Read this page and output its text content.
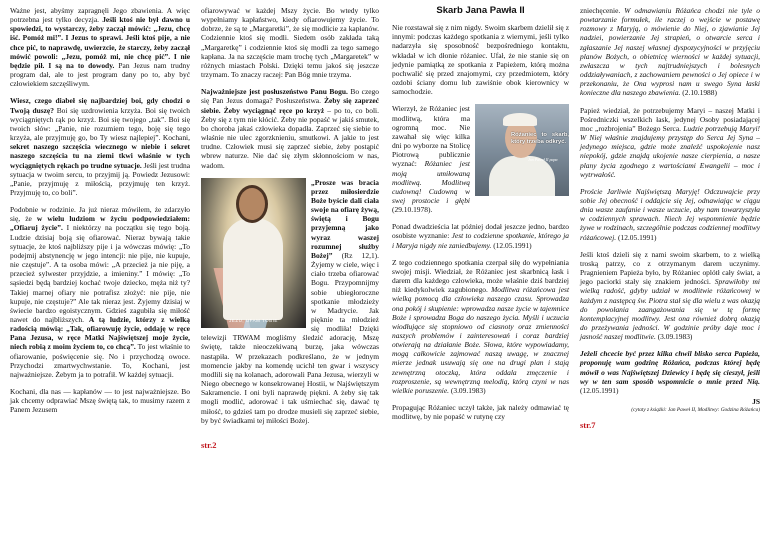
Ważne jest, abyśmy zapragnęli Jego zbawienia. A więc potrzebna jest tylko decyzja. Jeśli ktoś nie był dawno u spowiedzi, to wystarczy, żeby zaczął mówić: „Jezu, chcę iść. Pomóż mi!”. I Jezus to sprawi. Jeśli ktoś pije, a nie chce pić, to naprawdę, uwierzcie, że starczy, żeby zaczął mówić powoli: „Jezu, pomóż mi, nie chcę pić”. I nie będzie pił. I są na to dowody. Pan Jezus nam trudny program dał, ale to jest program dany po to, aby być człowiekiem szczęśliwym.

Wiesz, czego diabeł się najbardziej boi, gdy chodzi o Twoją duszę? Boi się uzdrowienia krzyża. Boi się twoich wyciągniętych rąk po krzyż. Boi się twojego „tak”. Boi się twoich słów: „Panie, nie rozumiem tego, boję się tego krzyża, ale przyjmuję go, bo Ty wiesz najlepiej”. Kochani, sekret naszego szczęścia wiecznego w niebie i sekret naszego szczęścia tu na ziemi tkwi właśnie w tych wyciągniętych rękach po trudne sytuacje. Jeśli jest trudna sytuacja w twoim sercu, to przyjmij ją. Powiedz Jezusowi: „Panie, przyjmuję z miłością, przyjmuję ten krzyż. Przyjmuję to, co boli”.

Podobnie w rodzinie. Ja już nieraz mówiłem, że zdarzyło się, że w wielu ludziom w życiu podpowiedziałem: „Ofiaruj życie”. I niektórzy na początku się tego boją. Ludzie dzisiaj boją się ofiarować. Nieraz bywają takie sytuacje, że ktoś najbliższy pije i ja wówczas mówię: „To podejmij abstynencję w jego intencji: nie pije, nie kupuje, nie częstuje”. A ta osoba mówi: „A przecież ja nie piję, a przecież sylwester przyjdzie, a imieniny.” I mówię: „To sąsiedzi będą bardziej kochać twoje dziecko, męża niż ty? Takiej marnej ofiary nie potrafisz złożyć: nie pije, nie kupuje, nie częstuje?” Ale tak nieraz jest. Żyjemy dzisiaj w świecie bardzo egoistycznym. Gdzieś zagubiła się miłość nawet do najbliższych. A tą ludzie, którzy z wielką radością mówią: „Tak, ofiarowuję życie, oddaję w ręce Pana Jezusa, w ręce Matki Najświętszej moje życie, niech robią z moim życiem to, co chcą”. To jest właśnie to ofiarowanie, poświęcenie się. No i przychodzą owoce. Przychodzi zmartwychwstanie. To, Kochani, jest najważniejsze. Żebym ja to potrafił. W każdej sytuacji.

Kochani, dla nas — kapłanów — to jest najważniejsze. Bo jak chcemy odprawiać Mszę świętą tak, to musimy razem z Panem Jezusem

ofiarowywać w każdej Mszy życie. Bo wtedy tylko wypełniamy kapłaństwo, kiedy ofiarowujemy życie. To dobrze, że są te „Margaretki”, że się modlicie za kapłanów. Codziennie ktoś się modli. Siedem osób zakłada taką „Margaretkę” i codziennie ktoś się modli za tego samego kapłana. Ja na szczęście mam trochę tych „Margaretek” w różnych miastach Polski. Dzięki temu jakoś się jeszcze trzymam. To znaczy raczej: Pan Bóg mnie trzyma.

Najważniejsze jest posłuszeństwo Panu Bogu. Bo czego się Pan Jezus domaga? Posłuszeństwa. Żeby się zaprzeć siebie. Żeby wyciągnąć ręce po krzyż – po to, co boli. Żeby się z tym nie kłócić. Żeby nie popaść w jakiś smutek, bo choroba jakaś człowieka dopadła. Zaprzeć się siebie to właśnie nie ulec zgorzknieniu, smutkowi. A jakie to jest trudne. Człowiek musi się zaprzeć siebie, żeby postąpić wbrew naturze. Nie dać się złym skłonnościom w nas, wadom.

JEZU, UFAM TOBIE

„Prosze was bracia przez miłosierdzie Boże byście dali ciała swoje na ofiarę żywą, świętą i Bogu przyjemną jako wyraz waszej rozumnej służby Bożej” (Rz 12,1). Żyjemy w ciele, więc i ciało trzeba ofiarować Bogu. Przypomnijmy sobie ubiegłoroczne spotkanie młodzieży w Madrycie. Jak pięknie ta młodzież się modliła! Dzięki telewizji TRWAM mogliśmy śledzić adorację, Mszę świętę, także nieoczekiwaną burzę, jaka wówczas nastąpiła. W przekazach podkreślano, że w jednym momencie jakby na komendę ucichł ten gwar i wszyscy modlili się na kolanach, adorowali Pana Jezusa, wierzyli w Niego obecnego w konsekrowanej Hostii, w Najświętszym Sakramencie. I oni byli naprawdę piękni. A żeby się tak mogli modlić, adorować i tak uśmiechać się, dawać tę miłość, to gdzieś tam po drodze musieli się zaprzeć siebie, by być świadkami tej miłości Bożej.

str.2
Skarb Jana Pawła II

Nie rozstawał się z nim nigdy. Swoim skarbem dzielił się z innymi: podczas każdego spotkania z wiernymi, jeśli tylko nadarzyła się sposobność bezpośredniego kontaktu, wkładał w ich dłonie różaniec. Ufał, że nie stanie się on jedynie pamiątką ze spotkania z Papieżem, którą można pochwalić się przed znajomymi, czy przedmiotem, który ozdobi ściany domu lub zawiśnie obok kierownicy w samochodzie.

Różaniec to skarb, który trzeba odkryć.
Jan Paweł II papa

Wierzył, że Różaniec jest modlitwą, która ma ogromną moc. Nie zawahał się więc kilka dni po wyborze na Stolicę Piotrową publicznie wyznać: Różaniec jest moją umiłowaną modlitwą. Modlitwą cudowną! Cudowną w swej prostocie i głębi (29.10.1978).

Ponad dwadzieścia lat później dodał jeszcze jedno, bardzo osobiste wyznanie: Jest to codzienne spotkanie, którego ja i Maryja nigdy nie zaniedbujemy. (12.05.1991)

Z tego codziennego spotkania czerpał siłę do wypełniania swojej misji. Wiedział, że Różaniec jest skarbnicą łask i darem dla każdego człowieka, może właśnie dziś bardziej niż kiedykolwiek zagubionego. Modlitwa różańcowa jest wielką pomocą dla człowieka naszego czasu. Sprowadza ona pokój i skupienie: wprowadza nasze życie w tajemnice Boże i sprowadza Boga do naszego życia. Myśli i uczucia wiodłujące się stopniowo od ciasnoty oraz zmienności naszych problemów i zainteresowań i coraz bardziej otwierają na działanie Boże. Słowa, które wypowiadamy, mogą całkowicie zajmować naszą uwagę, w znacznej mierze jednak usuwają się one na drugi plan i stają zewnętrzną otoczką, która oddala zmęczenie i rozproszenie, są wewnętrzną melodią, którą czyni w nas wielkie poruszenie. (3.09.1983)

Propagując Różaniec uczył także, jak należy odmawiać tę modlitwę, by nie popaść w rutynę czy

zniechęcenie. W odmawianiu Różańca chodzi nie tyle o powtarzanie formułek, ile raczej o wejście w postawę rozmowy z Maryją, o mówienie do Niej, o zjawianie Jej nadziei, powierzanie Jej strapień, o otwarcie serca i zgłaszanie Jej naszej własnej dyspozycyjności w przyjęciu planów Bożych, o obietnicę wierności w każdej sytuacji, zwłaszcza w tych najtrudniejszych i bolesnych oddziaływaniach, z zachowaniem pewności o Jej opiece i w przekonaniu, że Ona wyprosi nam u swego Syna łaski konieczne dla naszego zbawienia. (2.10.1988)

Papież wiedział, że potrzebujemy Maryi – naszej Matki i Pośredniczki wszelkich łask, jedynej Osoby posiadającej moc „rozbrojenia” Bożego Serca. Ludzie potrzebują Maryi! W Niej właśnie znajdujemy przystęp do Serca Jej Syna – jedynego miejsca, gdzie może znaleźć uspokojenie nasz niepokój, gdzie znajdą ukojenie nasze cierpienia, a nasze plany życia zgodnego z wartościami Ewangelii – moc i wytrwałość.

Proście Jarliwie Najświętszą Maryję! Odczuwajcie przy sobie Jej obecność i oddajcie się Jej, odnawiając w ciągu dnia wasze zaufanie i wasze uczucie, aby nam towarzyszyła w codziennych sprawach. Niech Jej wspomnienie będzie żywe w rodzinach, szczególnie podczas codziennej modlitwy różańcowej. (12.05.1991)

Jeśli ktoś dzieli się z nami swoim skarbem, to z wielką troską patrzy, co z otrzymanym darem uczynimy. Pragnieniem Papieża było, by Różaniec oplótł cały świat, a jego paciorki stały się znakiem jedności. Sprawiłoby mi wielką radość, gdyby udział w modlitwie różańcowej w każdym z następcą św. Piotra stał się dla wielu z was okazją do powołania zaangażowania się w tę formę kontemplacyjnej modlitwy. Jest ona również dobrą okazją do przeżywania jedności. W godzinie próby daje moc i jasność naszej modlitwie. (3.09.1983)

Jeżeli chcecie być przez kilka chwil blisko serca Papieża, proponuję wam godzinę Różańca, podczas której będę mówił o was Najświętszej Dziewicy i będę się cieszył, jeśli wy w ten sam sposób wspomnicie o mnie przed Nią. (12.05.1991)

JS
(cytaty z książki: Jan Paweł II, Modlitwy: Godzina Różańca)
str.7
